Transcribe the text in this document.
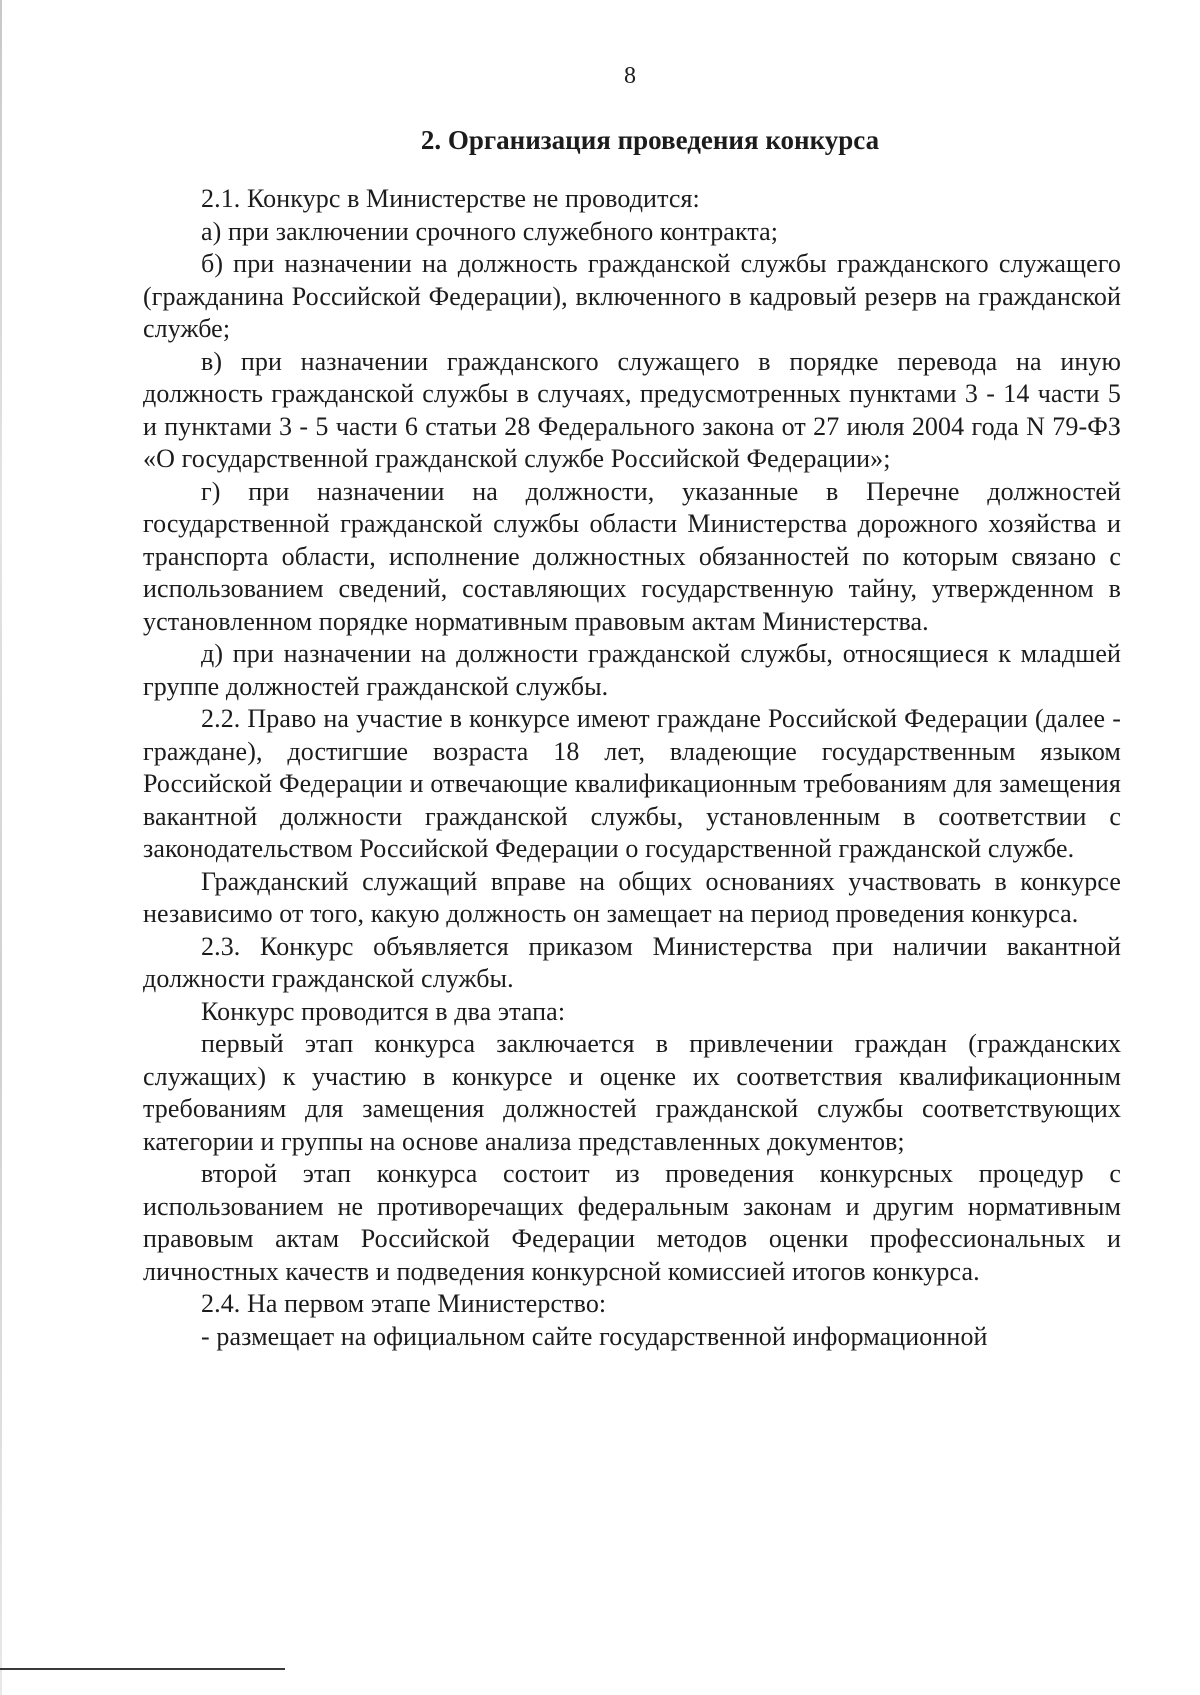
8
2. Организация проведения конкурса

2.1. Конкурс в Министерстве не проводится:

а) при заключении срочного служебного контракта;

б) при назначении на должность гражданской службы гражданского служащего (гражданина Российской Федерации), включенного в кадровый резерв на гражданской службе;

в) при назначении гражданского служащего в порядке перевода на иную должность гражданской службы в случаях, предусмотренных пунктами 3 - 14 части 5 и пунктами 3 - 5 части 6 статьи 28 Федерального закона от 27 июля 2004 года N 79-ФЗ «О государственной гражданской службе Российской Федерации»;

г) при назначении на должности, указанные в Перечне должностей государственной гражданской службы области Министерства дорожного хозяйства и транспорта области, исполнение должностных обязанностей по которым связано с использованием сведений, составляющих государственную тайну, утвержденном в установленном порядке нормативным правовым актам Министерства.

д) при назначении на должности гражданской службы, относящиеся к младшей группе должностей гражданской службы.

2.2. Право на участие в конкурсе имеют граждане Российской Федерации (далее - граждане), достигшие возраста 18 лет, владеющие государственным языком Российской Федерации и отвечающие квалификационным требованиям для замещения вакантной должности гражданской службы, установленным в соответствии с законодательством Российской Федерации о государственной гражданской службе.

Гражданский служащий вправе на общих основаниях участвовать в конкурсе независимо от того, какую должность он замещает на период проведения конкурса.

2.3. Конкурс объявляется приказом Министерства при наличии вакантной должности гражданской службы.

Конкурс проводится в два этапа:

первый этап конкурса заключается в привлечении граждан (гражданских служащих) к участию в конкурсе и оценке их соответствия квалификационным требованиям для замещения должностей гражданской службы соответствующих категории и группы на основе анализа представленных документов;

второй этап конкурса состоит из проведения конкурсных процедур с использованием не противоречащих федеральным законам и другим нормативным правовым актам Российской Федерации методов оценки профессиональных и личностных качеств и подведения конкурсной комиссией итогов конкурса.

2.4. На первом этапе Министерство:

- размещает на официальном сайте государственной информационной
